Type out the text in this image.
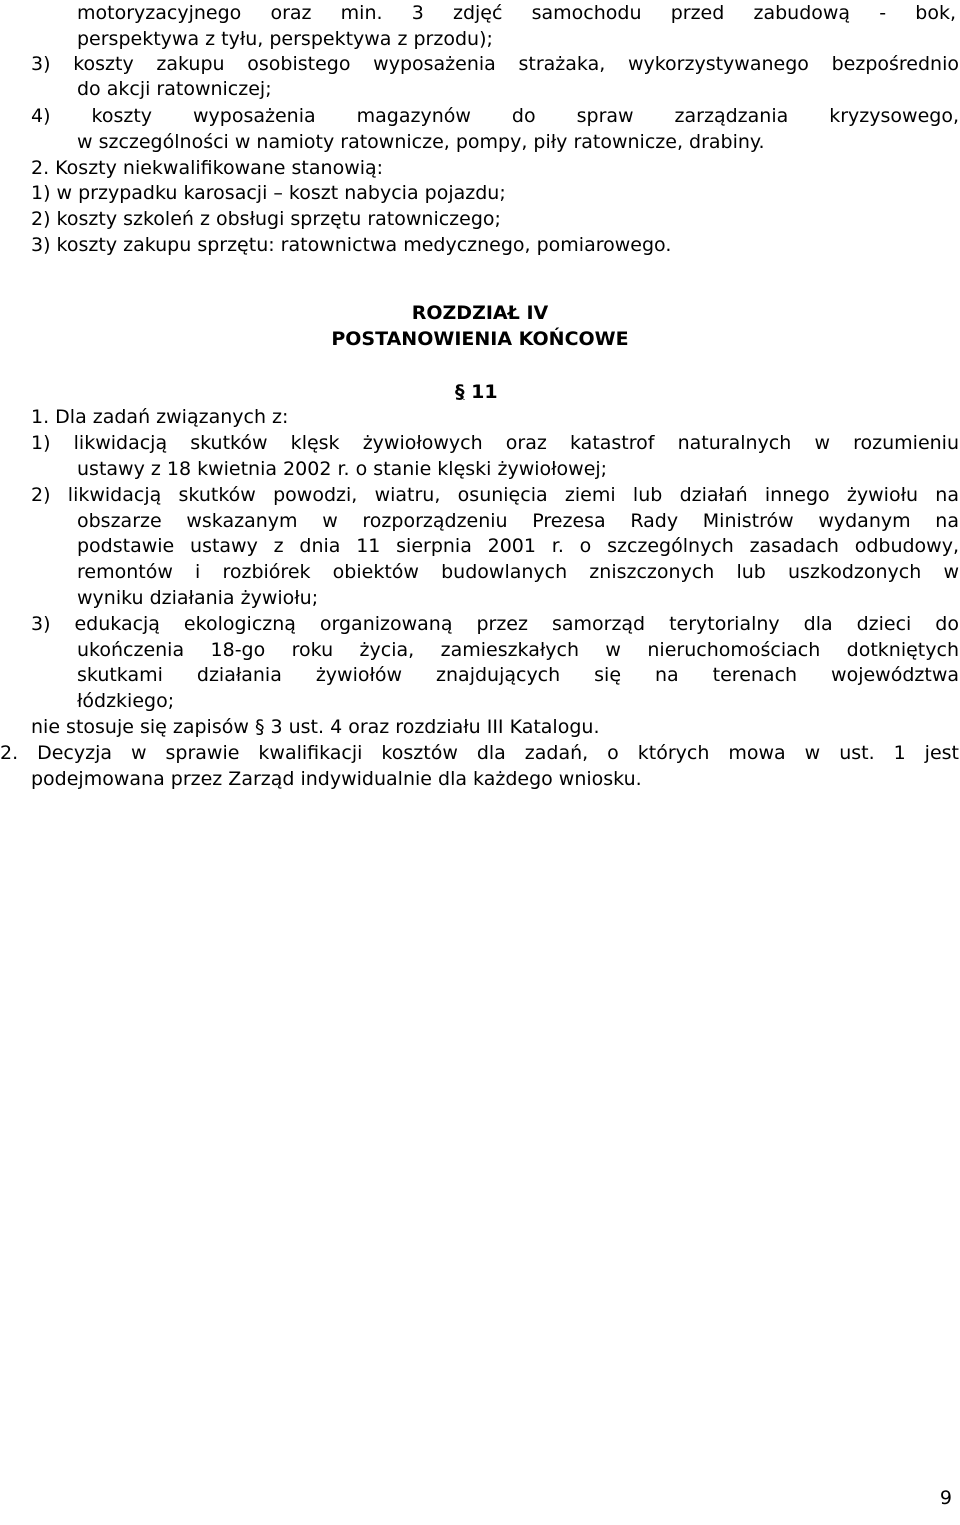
motoryzacyjnego oraz min. 3 zdjęć samochodu przed zabudową - bok,
perspektywa z tyłu, perspektywa z przodu);
3) koszty zakupu osobistego wyposażenia strażaka, wykorzystywanego bezpośrednio
do akcji ratowniczej;
4) koszty wyposażenia magazynów do spraw zarządzania kryzysowego,
w szczególności w namioty ratownicze, pompy, piły ratownicze, drabiny.
2. Koszty niekwalifikowane stanowią:
1) w przypadku karosacji – koszt nabycia pojazdu;
2) koszty szkoleń z obsługi sprzętu ratowniczego;
3) koszty zakupu sprzętu: ratownictwa medycznego, pomiarowego.
ROZDZIAŁ IV
POSTANOWIENIA KOŃCOWE
§ 11
1. Dla zadań związanych z:
1) likwidacją skutków klęsk żywiołowych oraz katastrof naturalnych w rozumieniu
ustawy z 18 kwietnia 2002 r. o stanie klęski żywiołowej;
2) likwidacją skutków powodzi, wiatru, osunięcia ziemi lub działań innego żywiołu na
obszarze wskazanym w rozporządzeniu Prezesa Rady Ministrów wydanym na
podstawie ustawy z dnia 11 sierpnia 2001 r. o szczególnych zasadach odbudowy,
remontów i rozbiórek obiektów budowlanych zniszczonych lub uszkodzonych w
wyniku działania żywiołu;
3) edukacją ekologiczną organizowaną przez samorząd terytorialny dla dzieci do
ukończenia 18-go roku życia, zamieszkałych w nieruchomościach dotkniętych
skutkami działania żywiołów znajdujących się na terenach województwa
łódzkiego;
nie stosuje się zapisów § 3 ust. 4 oraz rozdziału III Katalogu.
2. Decyzja w sprawie kwalifikacji kosztów dla zadań, o których mowa w ust. 1 jest
podejmowana przez Zarząd indywidualnie dla każdego wniosku.
9
